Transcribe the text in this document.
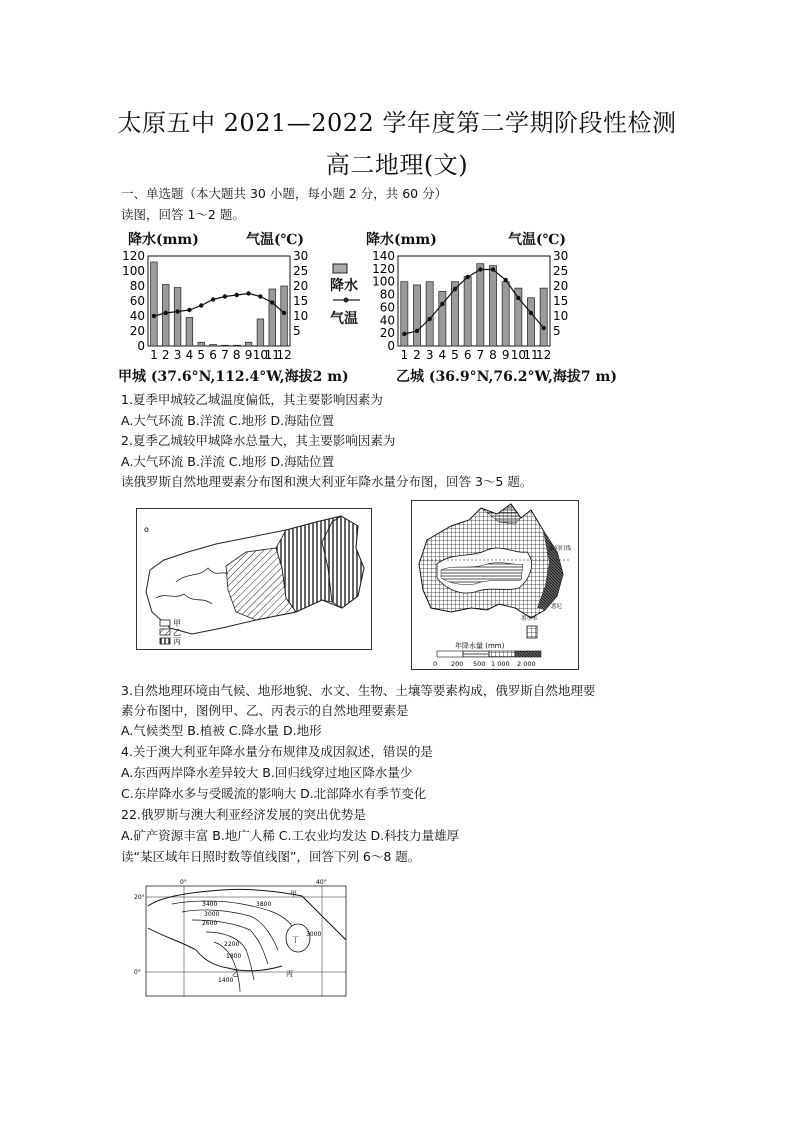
太原五中 2021—2022 学年度第二学期阶段性检测
高二地理(文)
一、单选题（本大题共 30 小题，每小题 2 分，共 60 分）
读图，回答 1～2 题。
降水(mm)	气温(℃)
120
100
80
60
40
20
0
30
25
20
15
10
5
1 2 3 4 5 6 7 8 9 10
11
12
甲城 (37.6°N,112.4°W,海拔2 m)
降水
气温
降水(mm)	气温(℃)
140
120
100
80
60
40
20
0
30
25
20
15
10
5
1 2 3 4 5 6 7 8 9 10
11
12
乙城 (36.9°N,76.2°W,海拔7 m)
1.夏季甲城较乙城温度偏低，其主要影响因素为
A.大气环流 B.洋流 C.地形 D.海陆位置
2.夏季乙城较甲城降水总量大，其主要影响因素为
A.大气环流 B.洋流 C.地形 D.海陆位置
读俄罗斯自然地理要素分布图和澳大利亚年降水量分布图，回答 3～5 题。
o
甲
乙
丙
南回归线
悉尼
墨尔本
年降水量 (mm)
0 200 500 1 000 2 000
3.自然地理环境由气候、地形地貌、水文、生物、土壤等要素构成，俄罗斯自然地理要
素分布图中，图例甲、乙、丙表示的自然地理要素是
A.气候类型 B.植被 C.降水量 D.地形
4.关于澳大利亚年降水量分布规律及成因叙述，错误的是
A.东西两岸降水差异较大 B.回归线穿过地区降水量少
C.东岸降水多与受暖流的影响大 D.北部降水有季节变化
22.俄罗斯与澳大利亚经济发展的突出优势是
A.矿产资源丰富 B.地广人稀 C.工农业均发达 D.科技力量雄厚
读“某区域年日照时数等值线图”，回答下列 6～8 题。
20°
0°
0°	40°
3400	3800
3000
2600
2200
1800
1400
3000
甲
乙	丙
丁
